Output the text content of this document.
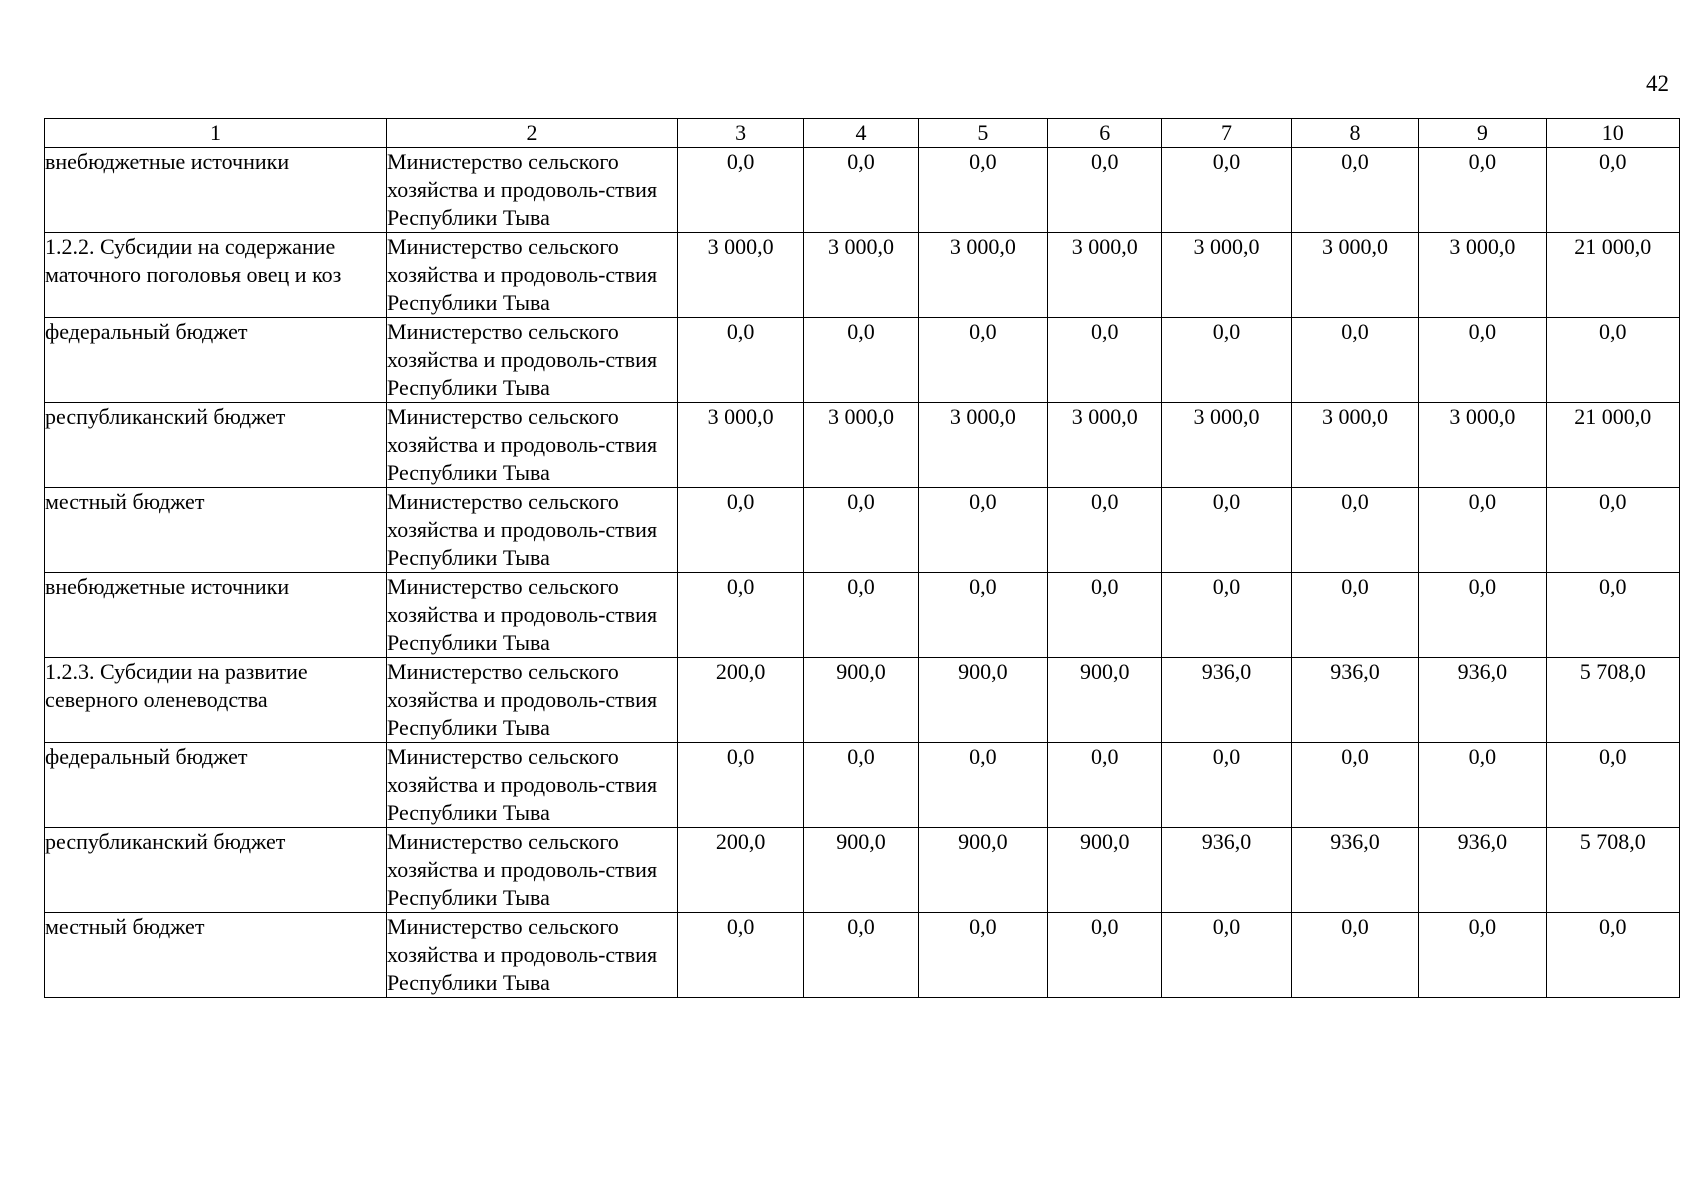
42
1	2	3	4	5	6	7	8	9	10
внебюджетные источники	Министерство сельского хозяйства и продоволь-ствия Республики Тыва	0,0	0,0	0,0	0,0	0,0	0,0	0,0	0,0
1.2.2. Субсидии на содержание маточного поголовья овец и коз	Министерство сельского хозяйства и продоволь-ствия Республики Тыва	3 000,0	3 000,0	3 000,0	3 000,0	3 000,0	3 000,0	3 000,0	21 000,0
федеральный бюджет	Министерство сельского хозяйства и продоволь-ствия Республики Тыва	0,0	0,0	0,0	0,0	0,0	0,0	0,0	0,0
республиканский бюджет	Министерство сельского хозяйства и продоволь-ствия Республики Тыва	3 000,0	3 000,0	3 000,0	3 000,0	3 000,0	3 000,0	3 000,0	21 000,0
местный бюджет	Министерство сельского хозяйства и продоволь-ствия Республики Тыва	0,0	0,0	0,0	0,0	0,0	0,0	0,0	0,0
внебюджетные источники	Министерство сельского хозяйства и продоволь-ствия Республики Тыва	0,0	0,0	0,0	0,0	0,0	0,0	0,0	0,0
1.2.3. Субсидии на развитие северного оленеводства	Министерство сельского хозяйства и продоволь-ствия Республики Тыва	200,0	900,0	900,0	900,0	936,0	936,0	936,0	5 708,0
федеральный бюджет	Министерство сельского хозяйства и продоволь-ствия Республики Тыва	0,0	0,0	0,0	0,0	0,0	0,0	0,0	0,0
республиканский бюджет	Министерство сельского хозяйства и продоволь-ствия Республики Тыва	200,0	900,0	900,0	900,0	936,0	936,0	936,0	5 708,0
местный бюджет	Министерство сельского хозяйства и продоволь-ствия Республики Тыва	0,0	0,0	0,0	0,0	0,0	0,0	0,0	0,0
